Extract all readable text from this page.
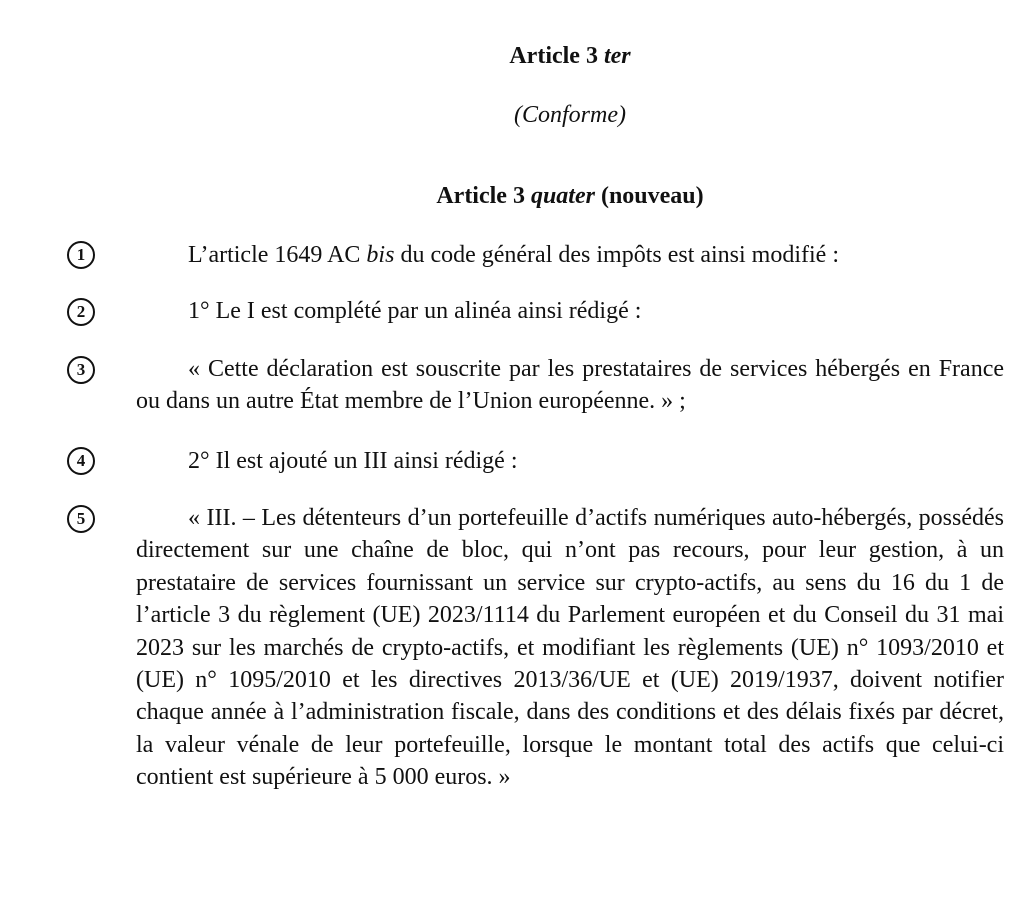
Article 3 ter

(Conforme)

Article 3 quater (nouveau)
1	L’article 1649 AC bis du code général des impôts est ainsi modifié :

2	1° Le I est complété par un alinéa ainsi rédigé :

3	« Cette déclaration est souscrite par les prestataires de services hébergés en France ou dans un autre État membre de l’Union européenne. » ;

4	2° Il est ajouté un III ainsi rédigé :

5	« III. – Les détenteurs d’un portefeuille d’actifs numériques auto-hébergés, possédés directement sur une chaîne de bloc, qui n’ont pas recours, pour leur gestion, à un prestataire de services fournissant un service sur crypto-actifs, au sens du 16 du 1 de l’article 3 du règlement (UE) 2023/1114 du Parlement européen et du Conseil du 31 mai 2023 sur les marchés de crypto-actifs, et modifiant les règlements (UE) n° 1093/2010 et (UE) n° 1095/2010 et les directives 2013/36/UE et (UE) 2019/1937, doivent notifier chaque année à l’administration fiscale, dans des conditions et des délais fixés par décret, la valeur vénale de leur portefeuille, lorsque le montant total des actifs que celui-ci contient est supérieure à 5 000 euros. »
